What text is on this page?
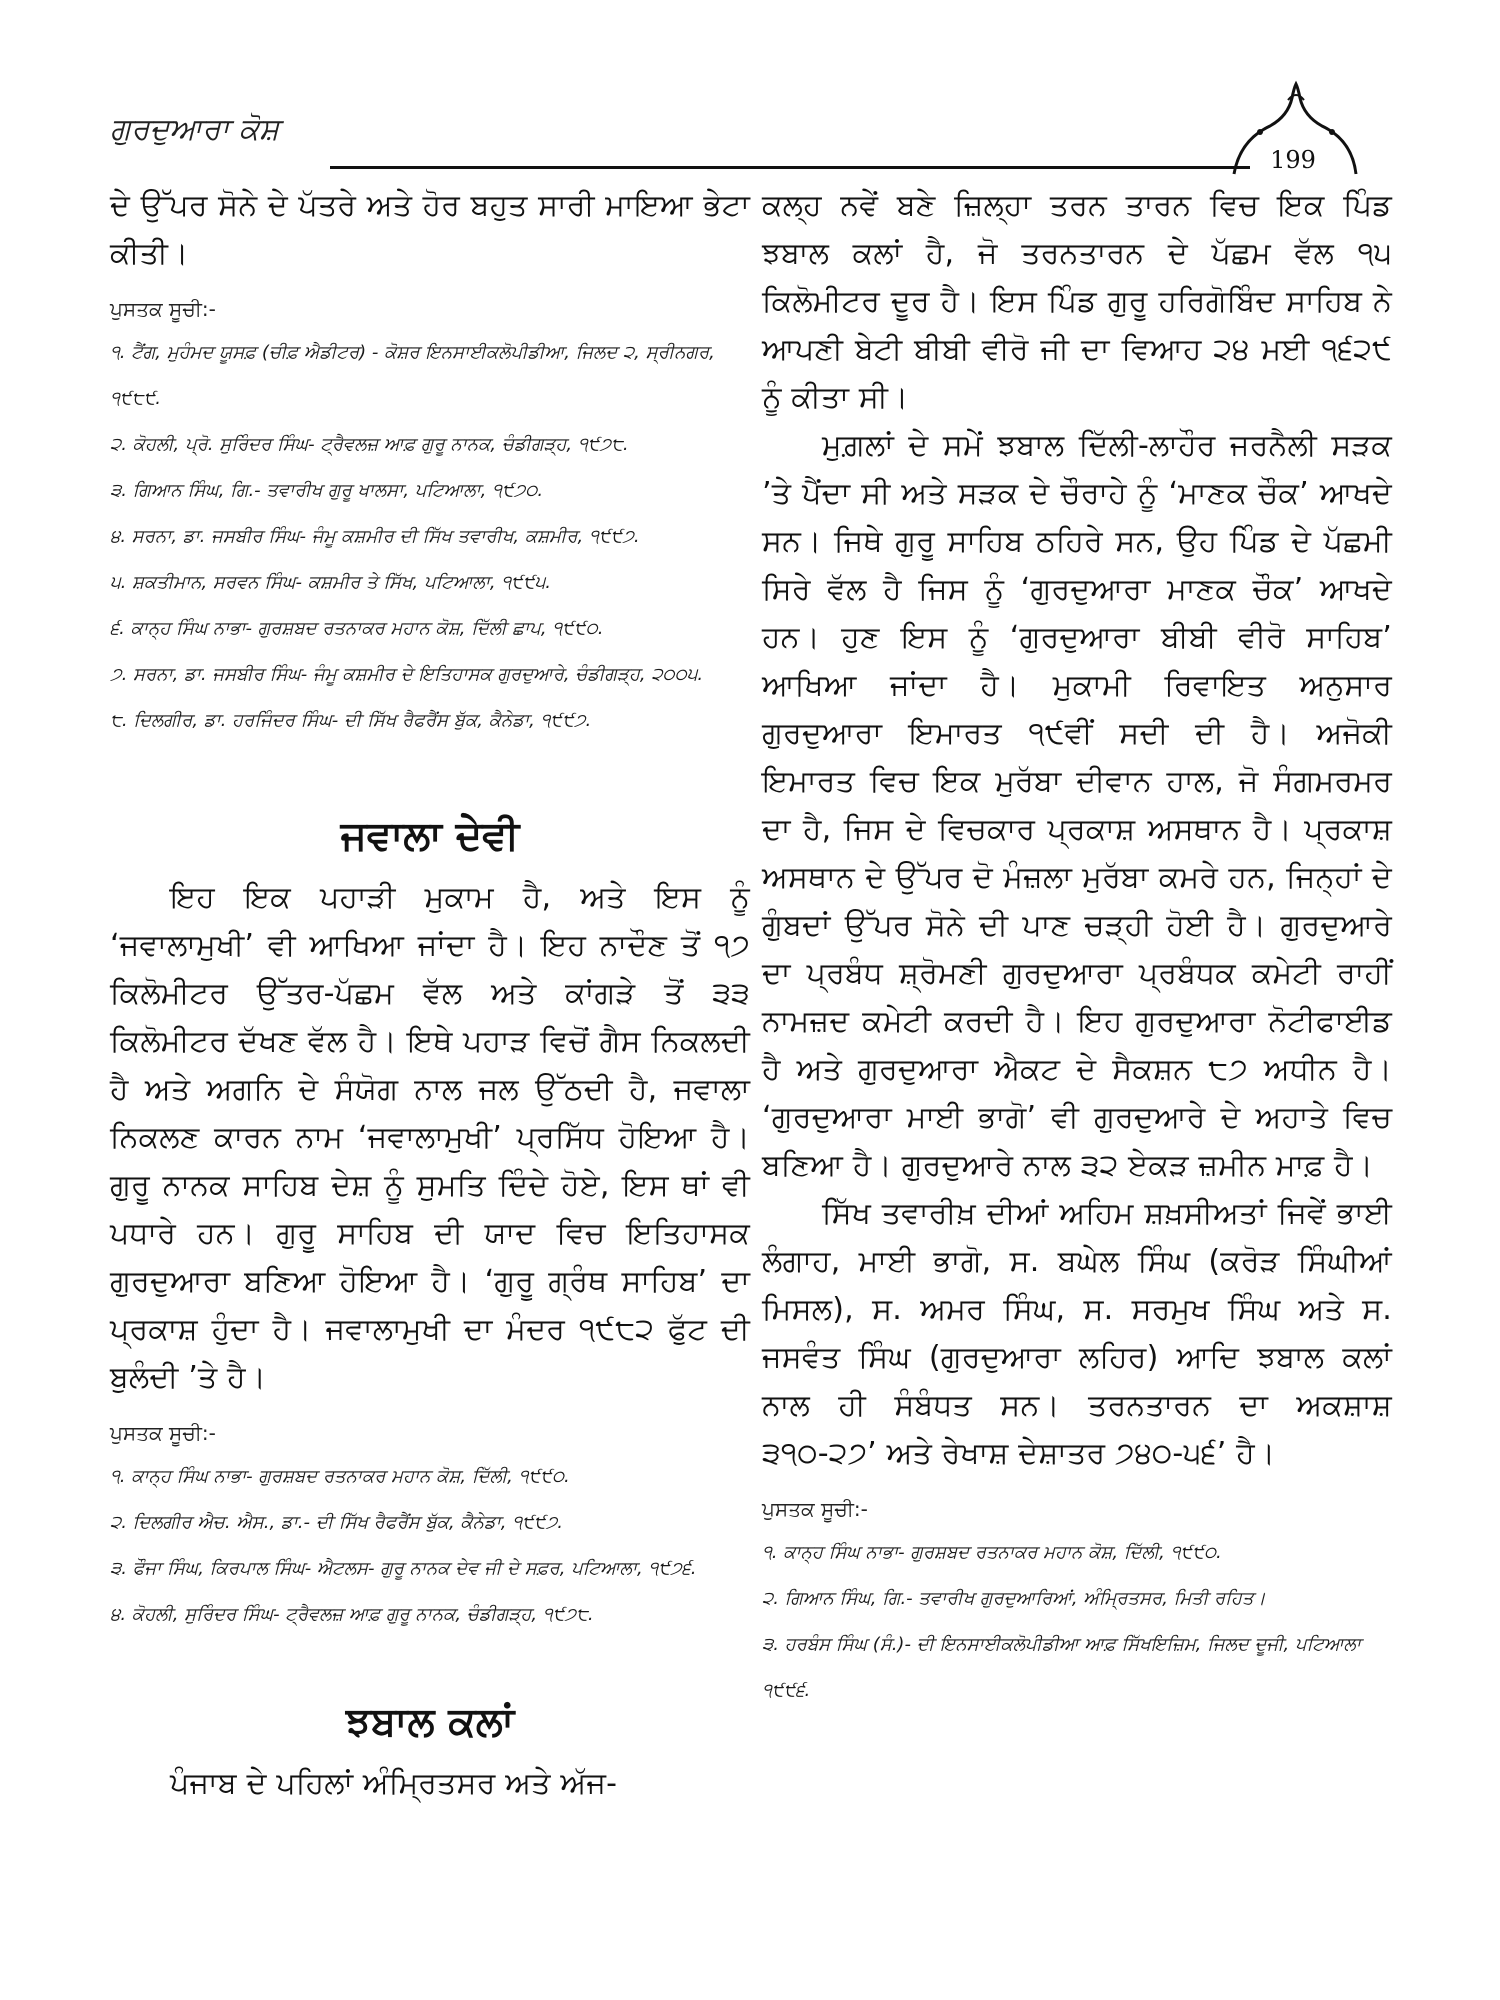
ਗੁਰਦੁਆਰਾ ਕੋਸ਼
199

ਦੇ ਉੱਪਰ ਸੋਨੇ ਦੇ ਪੱਤਰੇ ਅਤੇ ਹੋਰ ਬਹੁਤ ਸਾਰੀ ਮਾਇਆ ਭੇਟਾ ਕੀਤੀ।

ਪੁਸਤਕ ਸੂਚੀ:-
੧. ਟੈਂਗ, ਮੁਹੰਮਦ ਯੂਸਫ਼ (ਚੀਫ਼ ਐਡੀਟਰ) - ਕੋਸ਼ਰ ਇਨਸਾਈਕਲੋਪੀਡੀਆ, ਜਿਲਦ ੨, ਸ੍ਰੀਨਗਰ, ੧੯੮੯.
੨. ਕੋਹਲੀ, ਪ੍ਰੋ. ਸੁਰਿੰਦਰ ਸਿੰਘ- ਟ੍ਰੈਵਲਜ਼ ਆਫ਼ ਗੁਰੂ ਨਾਨਕ, ਚੰਡੀਗੜ੍ਹ, ੧੯੭੮.
੩. ਗਿਆਨ ਸਿੰਘ, ਗਿ.- ਤਵਾਰੀਖ ਗੁਰੂ ਖਾਲਸਾ, ਪਟਿਆਲਾ, ੧੯੭੦.
੪. ਸਰਨਾ, ਡਾ. ਜਸਬੀਰ ਸਿੰਘ- ਜੰਮੂ ਕਸ਼ਮੀਰ ਦੀ ਸਿੱਖ ਤਵਾਰੀਖ, ਕਸ਼ਮੀਰ, ੧੯੯੭.
੫. ਸ਼ਕਤੀਮਾਨ, ਸਰਵਨ ਸਿੰਘ- ਕਸ਼ਮੀਰ ਤੇ ਸਿੱਖ, ਪਟਿਆਲਾ, ੧੯੯੫.
੬. ਕਾਨ੍ਹ ਸਿੰਘ ਨਾਭਾ- ਗੁਰਸ਼ਬਦ ਰਤਨਾਕਰ ਮਹਾਨ ਕੋਸ਼, ਦਿੱਲੀ ਛਾਪ, ੧੯੯੦.
੭. ਸਰਨਾ, ਡਾ. ਜਸਬੀਰ ਸਿੰਘ- ਜੰਮੂ ਕਸ਼ਮੀਰ ਦੇ ਇਤਿਹਾਸਕ ਗੁਰਦੁਆਰੇ, ਚੰਡੀਗੜ੍ਹ, ੨੦੦੫.
੮. ਦਿਲਗੀਰ, ਡਾ. ਹਰਜਿੰਦਰ ਸਿੰਘ- ਦੀ ਸਿੱਖ ਰੈਫਰੈਂਸ ਬੁੱਕ, ਕੈਨੇਡਾ, ੧੯੯੭.
ਜਵਾਲਾ ਦੇਵੀ

ਇਹ ਇਕ ਪਹਾੜੀ ਮੁਕਾਮ ਹੈ, ਅਤੇ ਇਸ ਨੂੰ ‘ਜਵਾਲਾਮੁਖੀ’ ਵੀ ਆਖਿਆ ਜਾਂਦਾ ਹੈ। ਇਹ ਨਾਦੌਣ ਤੋਂ ੧੭ ਕਿਲੋਮੀਟਰ ਉੱਤਰ-ਪੱਛਮ ਵੱਲ ਅਤੇ ਕਾਂਗੜੇ ਤੋਂ ੩੩ ਕਿਲੋਮੀਟਰ ਦੱਖਣ ਵੱਲ ਹੈ। ਇਥੇ ਪਹਾੜ ਵਿਚੋਂ ਗੈਸ ਨਿਕਲਦੀ ਹੈ ਅਤੇ ਅਗਨਿ ਦੇ ਸੰਯੋਗ ਨਾਲ ਜਲ ਉੱਠਦੀ ਹੈ, ਜਵਾਲਾ ਨਿਕਲਣ ਕਾਰਨ ਨਾਮ ‘ਜਵਾਲਾਮੁਖੀ’ ਪ੍ਰਸਿੱਧ ਹੋਇਆ ਹੈ। ਗੁਰੂ ਨਾਨਕ ਸਾਹਿਬ ਦੇਸ਼ ਨੂੰ ਸੁਮਤਿ ਦਿੰਦੇ ਹੋਏ, ਇਸ ਥਾਂ ਵੀ ਪਧਾਰੇ ਹਨ। ਗੁਰੂ ਸਾਹਿਬ ਦੀ ਯਾਦ ਵਿਚ ਇਤਿਹਾਸਕ ਗੁਰਦੁਆਰਾ ਬਣਿਆ ਹੋਇਆ ਹੈ। ‘ਗੁਰੂ ਗ੍ਰੰਥ ਸਾਹਿਬ’ ਦਾ ਪ੍ਰਕਾਸ਼ ਹੁੰਦਾ ਹੈ। ਜਵਾਲਾਮੁਖੀ ਦਾ ਮੰਦਰ ੧੯੮੨ ਫੁੱਟ ਦੀ ਬੁਲੰਦੀ ’ਤੇ ਹੈ।

ਪੁਸਤਕ ਸੂਚੀ:-
੧. ਕਾਨ੍ਹ ਸਿੰਘ ਨਾਭਾ- ਗੁਰਸ਼ਬਦ ਰਤਨਾਕਰ ਮਹਾਨ ਕੋਸ਼, ਦਿੱਲੀ, ੧੯੯੦.
੨. ਦਿਲਗੀਰ ਐਚ. ਐਸ., ਡਾ.- ਦੀ ਸਿੱਖ ਰੈਫਰੈਂਸ ਬੁੱਕ, ਕੈਨੇਡਾ, ੧੯੯੭.
੩. ਫੌਜਾ ਸਿੰਘ, ਕਿਰਪਾਲ ਸਿੰਘ- ਐਟਲਸ- ਗੁਰੂ ਨਾਨਕ ਦੇਵ ਜੀ ਦੇ ਸਫ਼ਰ, ਪਟਿਆਲਾ, ੧੯੭੬.
੪. ਕੋਹਲੀ, ਸੁਰਿੰਦਰ ਸਿੰਘ- ਟ੍ਰੈਵਲਜ਼ ਆਫ਼ ਗੁਰੂ ਨਾਨਕ, ਚੰਡੀਗੜ੍ਹ, ੧੯੭੮.
ਝਬਾਲ ਕਲਾਂ

ਪੰਜਾਬ ਦੇ ਪਹਿਲਾਂ ਅੰਮ੍ਰਿਤਸਰ ਅਤੇ ਅੱਜ-

ਕਲ੍ਹ ਨਵੇਂ ਬਣੇ ਜ਼ਿਲ੍ਹਾ ਤਰਨ ਤਾਰਨ ਵਿਚ ਇਕ ਪਿੰਡ ਝਬਾਲ ਕਲਾਂ ਹੈ, ਜੋ ਤਰਨਤਾਰਨ ਦੇ ਪੱਛਮ ਵੱਲ ੧੫ ਕਿਲੋਮੀਟਰ ਦੂਰ ਹੈ। ਇਸ ਪਿੰਡ ਗੁਰੂ ਹਰਿਗੋਬਿੰਦ ਸਾਹਿਬ ਨੇ ਆਪਣੀ ਬੇਟੀ ਬੀਬੀ ਵੀਰੋ ਜੀ ਦਾ ਵਿਆਹ ੨੪ ਮਈ ੧੬੨੯ ਨੂੰ ਕੀਤਾ ਸੀ।

ਮੁਗ਼ਲਾਂ ਦੇ ਸਮੇਂ ਝਬਾਲ ਦਿੱਲੀ-ਲਾਹੌਰ ਜਰਨੈਲੀ ਸੜਕ ’ਤੇ ਪੈਂਦਾ ਸੀ ਅਤੇ ਸੜਕ ਦੇ ਚੌਰਾਹੇ ਨੂੰ ‘ਮਾਣਕ ਚੌਕ’ ਆਖਦੇ ਸਨ। ਜਿਥੇ ਗੁਰੂ ਸਾਹਿਬ ਠਹਿਰੇ ਸਨ, ਉਹ ਪਿੰਡ ਦੇ ਪੱਛਮੀ ਸਿਰੇ ਵੱਲ ਹੈ ਜਿਸ ਨੂੰ ‘ਗੁਰਦੁਆਰਾ ਮਾਣਕ ਚੌਕ’ ਆਖਦੇ ਹਨ। ਹੁਣ ਇਸ ਨੂੰ ‘ਗੁਰਦੁਆਰਾ ਬੀਬੀ ਵੀਰੋ ਸਾਹਿਬ’ ਆਖਿਆ ਜਾਂਦਾ ਹੈ। ਮੁਕਾਮੀ ਰਿਵਾਇਤ ਅਨੁਸਾਰ ਗੁਰਦੁਆਰਾ ਇਮਾਰਤ ੧੯ਵੀਂ ਸਦੀ ਦੀ ਹੈ। ਅਜੋਕੀ ਇਮਾਰਤ ਵਿਚ ਇਕ ਮੁਰੱਬਾ ਦੀਵਾਨ ਹਾਲ, ਜੋ ਸੰਗਮਰਮਰ ਦਾ ਹੈ, ਜਿਸ ਦੇ ਵਿਚਕਾਰ ਪ੍ਰਕਾਸ਼ ਅਸਥਾਨ ਹੈ। ਪ੍ਰਕਾਸ਼ ਅਸਥਾਨ ਦੇ ਉੱਪਰ ਦੋ ਮੰਜ਼ਲਾ ਮੁਰੱਬਾ ਕਮਰੇ ਹਨ, ਜਿਨ੍ਹਾਂ ਦੇ ਗੁੰਬਦਾਂ ਉੱਪਰ ਸੋਨੇ ਦੀ ਪਾਣ ਚੜ੍ਹੀ ਹੋਈ ਹੈ। ਗੁਰਦੁਆਰੇ ਦਾ ਪ੍ਰਬੰਧ ਸ਼੍ਰੋਮਣੀ ਗੁਰਦੁਆਰਾ ਪ੍ਰਬੰਧਕ ਕਮੇਟੀ ਰਾਹੀਂ ਨਾਮਜ਼ਦ ਕਮੇਟੀ ਕਰਦੀ ਹੈ। ਇਹ ਗੁਰਦੁਆਰਾ ਨੋਟੀਫਾਈਡ ਹੈ ਅਤੇ ਗੁਰਦੁਆਰਾ ਐਕਟ ਦੇ ਸੈਕਸ਼ਨ ੮੭ ਅਧੀਨ ਹੈ। ‘ਗੁਰਦੁਆਰਾ ਮਾਈ ਭਾਗੋ’ ਵੀ ਗੁਰਦੁਆਰੇ ਦੇ ਅਹਾਤੇ ਵਿਚ ਬਣਿਆ ਹੈ। ਗੁਰਦੁਆਰੇ ਨਾਲ ੩੨ ਏਕੜ ਜ਼ਮੀਨ ਮਾਫ਼ ਹੈ।

ਸਿੱਖ ਤਵਾਰੀਖ਼ ਦੀਆਂ ਅਹਿਮ ਸ਼ਖ਼ਸੀਅਤਾਂ ਜਿਵੇਂ ਭਾਈ ਲੰਗਾਹ, ਮਾਈ ਭਾਗੋ, ਸ. ਬਘੇਲ ਸਿੰਘ (ਕਰੋੜ ਸਿੰਘੀਆਂ ਮਿਸਲ), ਸ. ਅਮਰ ਸਿੰਘ, ਸ. ਸਰਮੁਖ ਸਿੰਘ ਅਤੇ ਸ. ਜਸਵੰਤ ਸਿੰਘ (ਗੁਰਦੁਆਰਾ ਲਹਿਰ) ਆਦਿ ਝਬਾਲ ਕਲਾਂ ਨਾਲ ਹੀ ਸੰਬੰਧਤ ਸਨ। ਤਰਨਤਾਰਨ ਦਾ ਅਕਸ਼ਾਸ਼ ੩੧੦-੨੭’ ਅਤੇ ਰੇਖਾਸ਼ ਦੇਸ਼ਾਤਰ ੭੪੦-੫੬’ ਹੈ।

ਪੁਸਤਕ ਸੂਚੀ:-
੧. ਕਾਨ੍ਹ ਸਿੰਘ ਨਾਭਾ- ਗੁਰਸ਼ਬਦ ਰਤਨਾਕਰ ਮਹਾਨ ਕੋਸ਼, ਦਿੱਲੀ, ੧੯੯੦.
੨. ਗਿਆਨ ਸਿੰਘ, ਗਿ.- ਤਵਾਰੀਖ ਗੁਰਦੁਆਰਿਆਂ, ਅੰਮ੍ਰਿਤਸਰ, ਮਿਤੀ ਰਹਿਤ।
੩. ਹਰਬੰਸ ਸਿੰਘ (ਸੰ.)- ਦੀ ਇਨਸਾਈਕਲੋਪੀਡੀਆ ਆਫ਼ ਸਿੱਖਇਜ਼ਿਮ, ਜਿਲਦ ਦੂਜੀ, ਪਟਿਆਲਾ ੧੯੯੬.
